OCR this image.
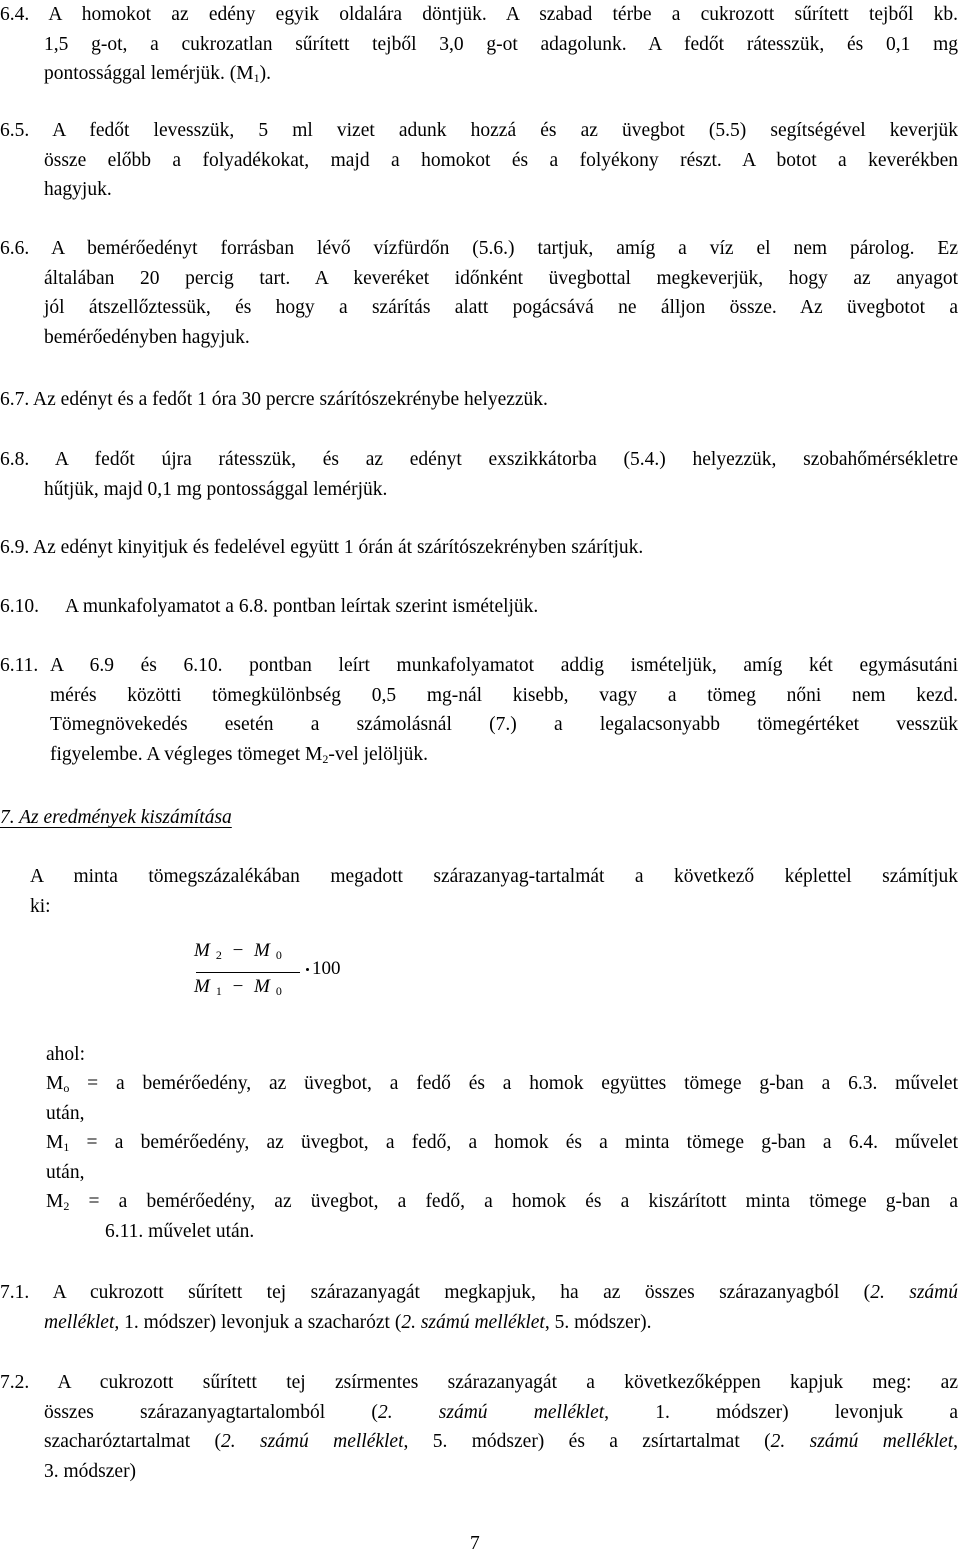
6.4. A homokot az edény egyik oldalára döntjük. A szabad térbe a cukrozott sűrített tejből kb.
1,5 g-ot, a cukrozatlan sűrített tejből 3,0 g-ot adagolunk. A fedőt rátesszük, és 0,1 mg
pontossággal lemérjük. $(M_1)$.
6.5. A fedőt levesszük, 5 ml vizet adunk hozzá és az üvegbot (5.5) segítségével keverjük
össze előbb a folyadékokat, majd a homokot és a folyékony részt. A botot a keverékben
hagyjuk.
6.6. A bemérőedényt forrásban lévő vízfürdőn (5.6.) tartjuk, amíg a víz el nem párolog. Ez
általában 20 percig tart. A keveréket időnként üvegbottal megkeverjük, hogy az anyagot
jól átszellőztessük, és hogy a szárítás alatt pogácsává ne álljon össze. Az üvegbotot a
bemérőedényben hagyjuk.
6.7. Az edényt és a fedőt 1 óra 30 percre szárítószekrénybe helyezzük.
6.8. A fedőt újra rátesszük, és az edényt exszikkátorba (5.4.) helyezzük, szobahőmérsékletre
hűtjük, majd 0,1 mg pontossággal lemérjük.
6.9. Az edényt kinyitjuk és fedelével együtt 1 órán át szárítószekrényben szárítjuk.
6.10. A munkafolyamatot a 6.8. pontban leírtak szerint ismételjük.
6.11. A 6.9 és 6.10. pontban leírt munkafolyamatot addig ismételjük, amíg két egymásutáni
mérés közötti tömegkülönbség 0,5 mg-nál kisebb, vagy a tömeg nőni nem kezd.
Tömegnövekedés esetén a számolásnál (7.) a legalacsonyabb tömegértéket vesszük
figyelembe. A végleges tömeget $M_2$-vel jelöljük.
7. Az eredmények kiszámítása
A minta tömegszázalékában megadott szárazanyag-tartalmát a következő képlettel számítjuk
ki:
M $_2$ − M $_0$
M $_1$ − M $_0$
100
ahol:
$M_o = a$ bemérőedény, az üvegbot, a fedő és a homok együttes tömege g-ban a 6.3. művelet
után,
$M_1 = a$ bemérőedény, az üvegbot, a fedő, a homok és a minta tömege g-ban a 6.4. művelet
után,
$M_2 = a$ bemérőedény, az üvegbot, a fedő, a homok és a kiszárított minta tömege g-ban a
6.11. művelet után.
7.1. A cukrozott sűrített tej szárazanyagát megkapjuk, ha az összes szárazanyagból (2. számú
melléklet, 1. módszer) levonjuk a szacharózt (2. számú melléklet, 5. módszer).
7.2. A cukrozott sűrített tej zsírmentes szárazanyagát a következőképpen kapjuk meg: az
összes szárazanyagtartalomból (2. számú melléklet, 1. módszer) levonjuk a
szacharóztartalmat (2. számú melléklet, 5. módszer) és a zsírtartalmat (2. számú melléklet,
3. módszer)
7
